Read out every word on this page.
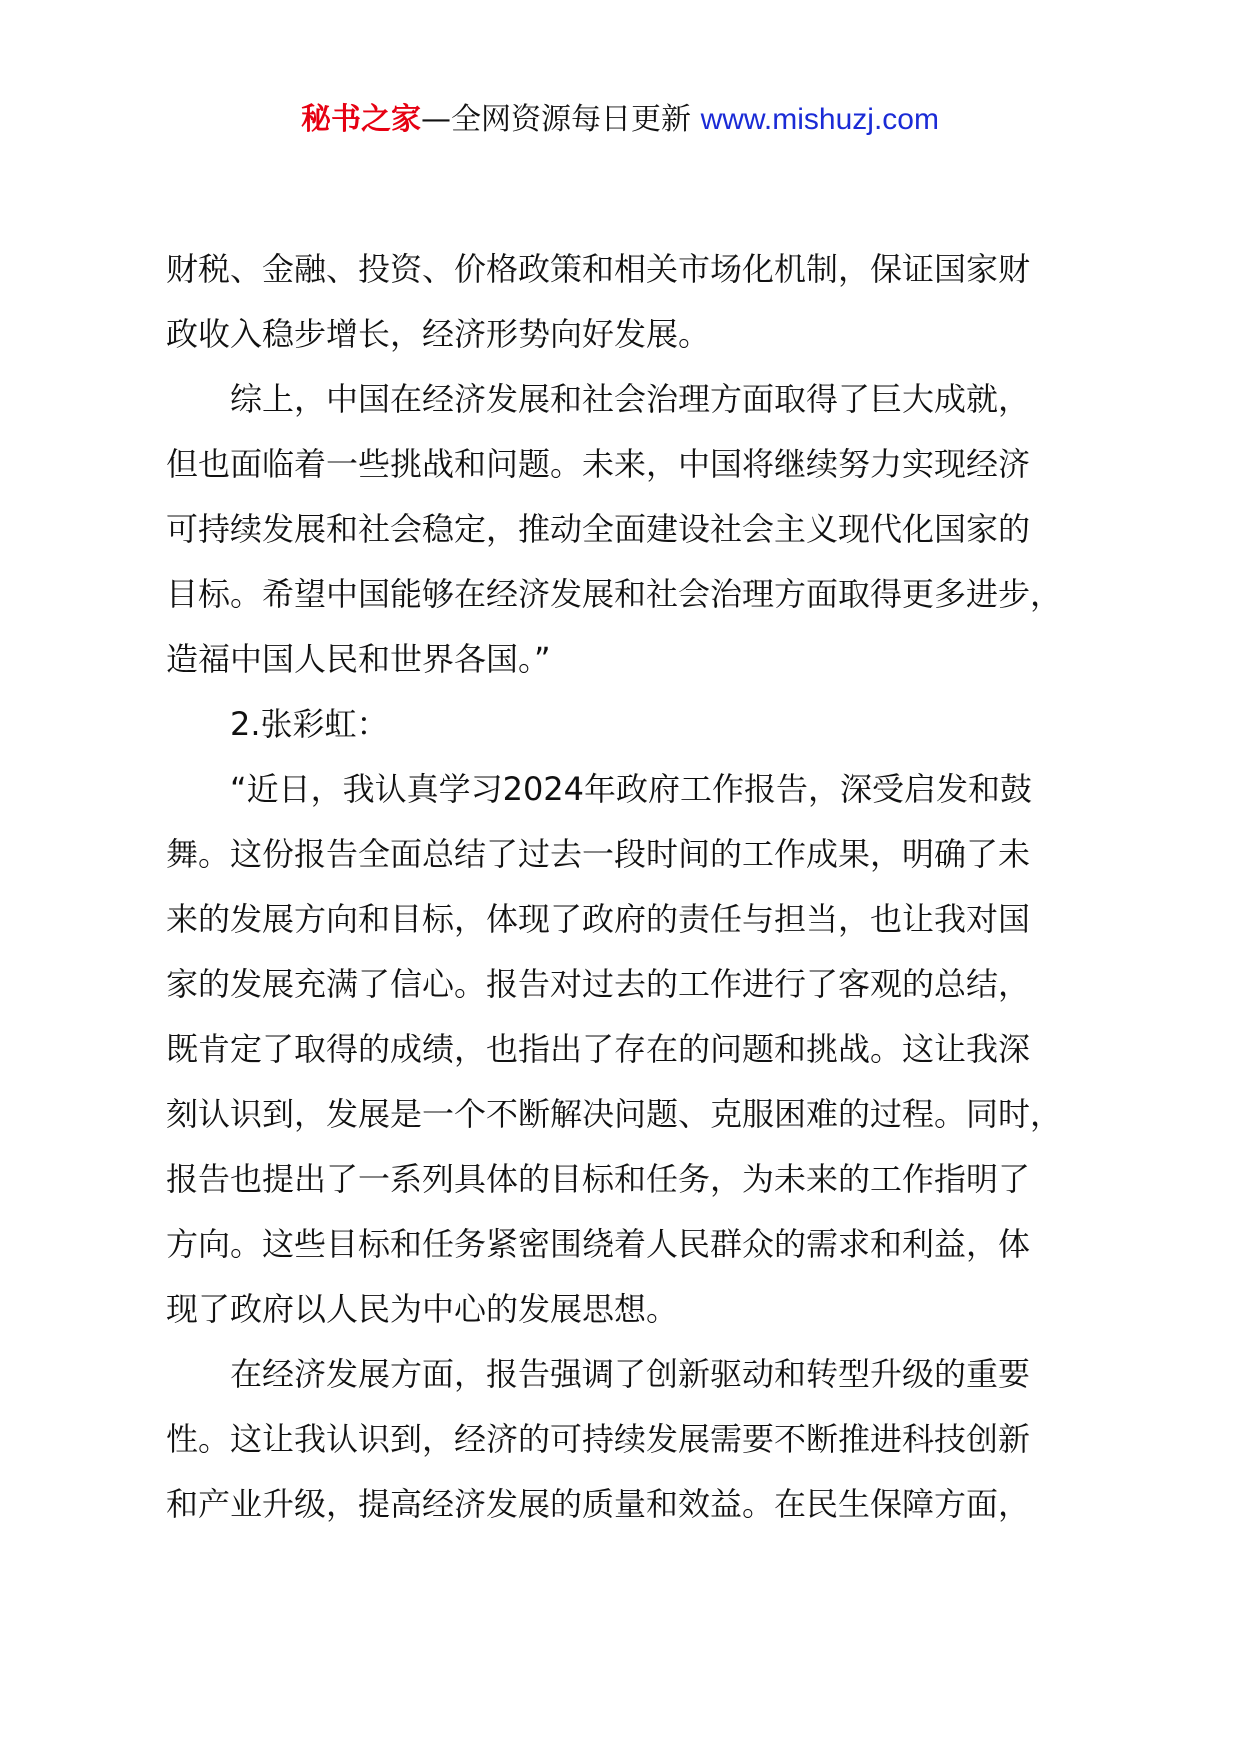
秘书之家—全网资源每日更新 www.mishuzj.com
财税、金融、投资、价格政策和相关市场化机制，保证国家财
政收入稳步增长，经济形势向好发展。
综上，中国在经济发展和社会治理方面取得了巨大成就，
但也面临着一些挑战和问题。未来，中国将继续努力实现经济
可持续发展和社会稳定，推动全面建设社会主义现代化国家的
目标。希望中国能够在经济发展和社会治理方面取得更多进步，
造福中国人民和世界各国。”
2.张彩虹：
“近日，我认真学习2024年政府工作报告，深受启发和鼓
舞。这份报告全面总结了过去一段时间的工作成果，明确了未
来的发展方向和目标，体现了政府的责任与担当，也让我对国
家的发展充满了信心。报告对过去的工作进行了客观的总结，
既肯定了取得的成绩，也指出了存在的问题和挑战。这让我深
刻认识到，发展是一个不断解决问题、克服困难的过程。同时，
报告也提出了一系列具体的目标和任务，为未来的工作指明了
方向。这些目标和任务紧密围绕着人民群众的需求和利益，体
现了政府以人民为中心的发展思想。
在经济发展方面，报告强调了创新驱动和转型升级的重要
性。这让我认识到，经济的可持续发展需要不断推进科技创新
和产业升级，提高经济发展的质量和效益。在民生保障方面，
